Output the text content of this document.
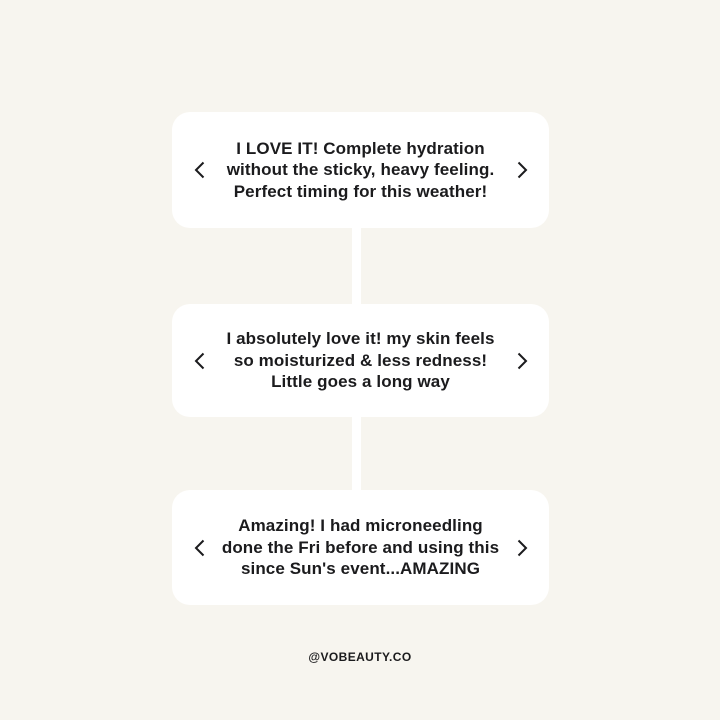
I LOVE IT! Complete hydration
without the sticky, heavy feeling.
Perfect timing for this weather!
I absolutely love it! my skin feels
so moisturized & less redness!
Little goes a long way
Amazing! I had microneedling
done the Fri before and using this
since Sun's event...AMAZING
@VOBEAUTY.CO
